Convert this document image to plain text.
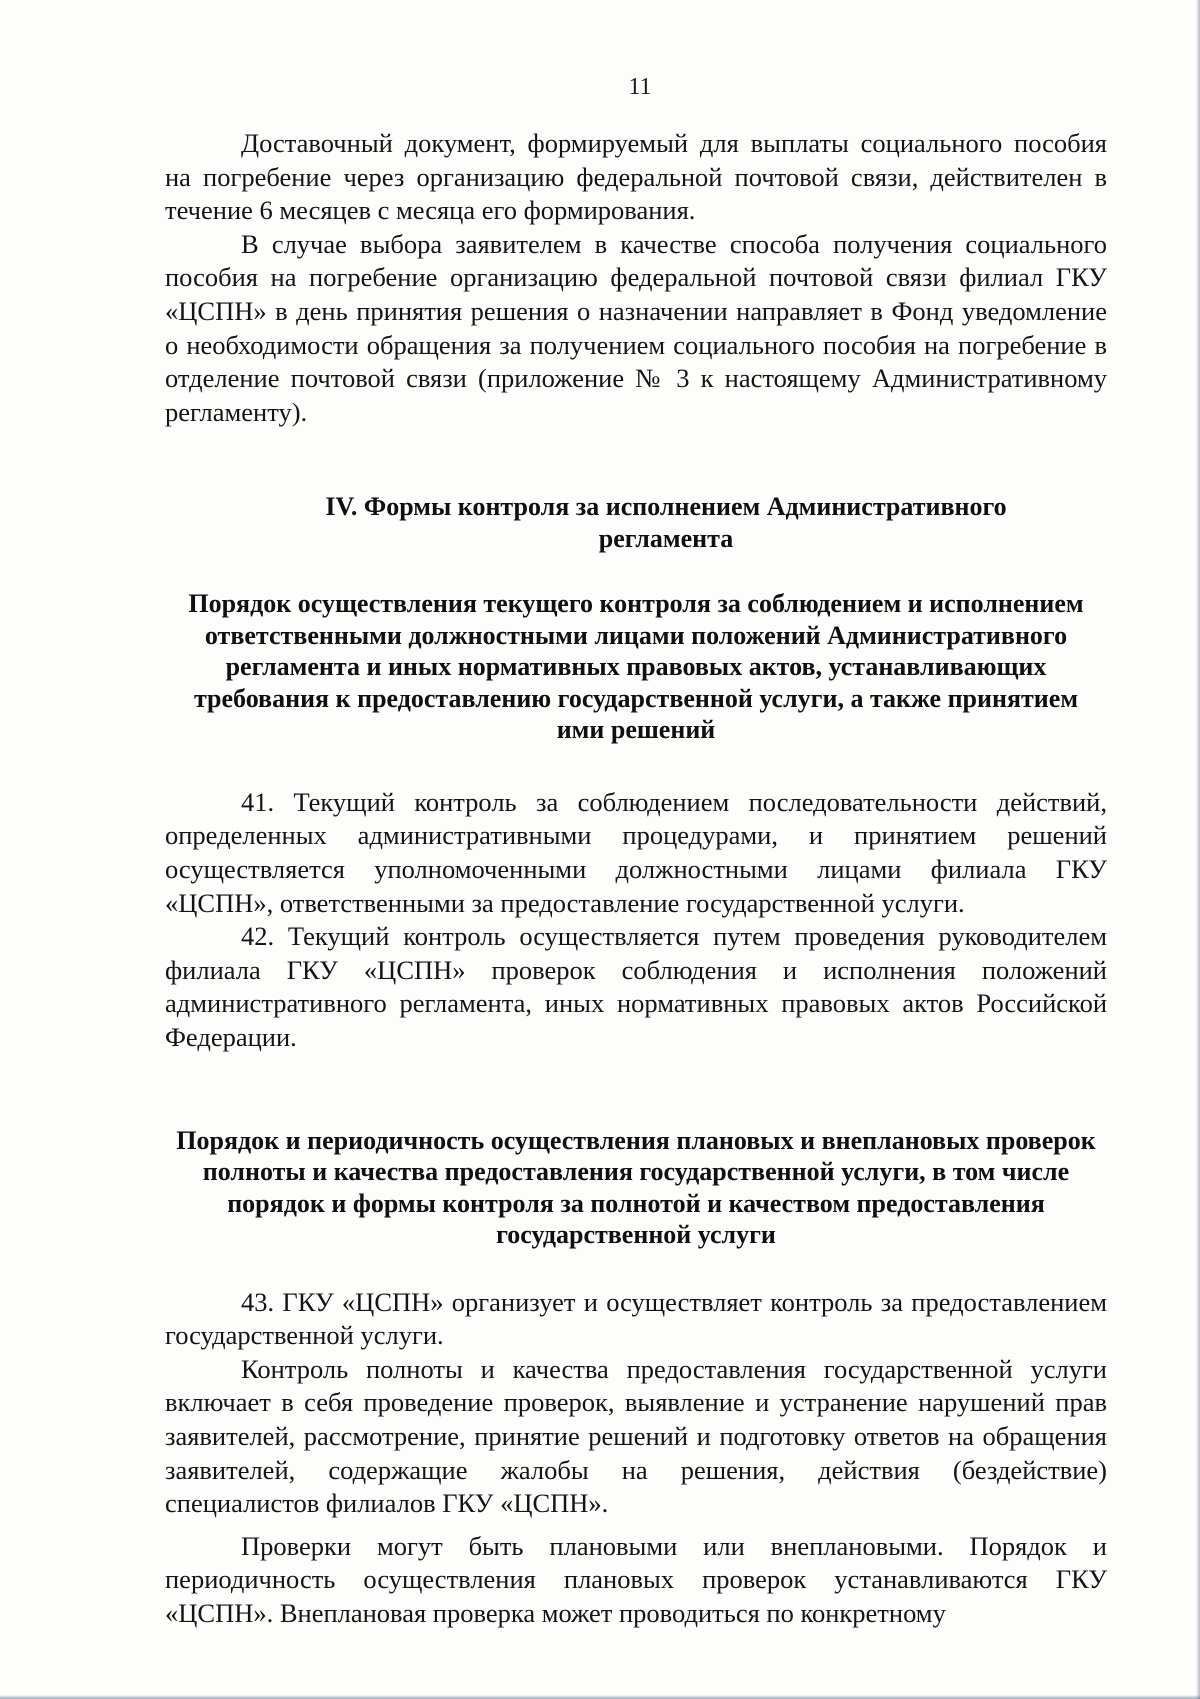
11

Доставочный документ, формируемый для выплаты социального пособия на погребение через организацию федеральной почтовой связи, действителен в течение 6 месяцев с месяца его формирования.

В случае выбора заявителем в качестве способа получения социального пособия на погребение организацию федеральной почтовой связи филиал ГКУ «ЦСПН» в день принятия решения о назначении направляет в Фонд уведомление о необходимости обращения за получением социального пособия на погребение в отделение почтовой связи (приложение № 3 к настоящему Административному регламенту).

IV. Формы контроля за исполнением Административного регламента

Порядок осуществления текущего контроля за соблюдением и исполнением ответственными должностными лицами положений Административного регламента и иных нормативных правовых актов, устанавливающих требования к предоставлению государственной услуги, а также принятием ими решений

41. Текущий контроль за соблюдением последовательности действий, определенных административными процедурами, и принятием решений осуществляется уполномоченными должностными лицами филиала ГКУ «ЦСПН», ответственными за предоставление государственной услуги.

42. Текущий контроль осуществляется путем проведения руководителем филиала ГКУ «ЦСПН» проверок соблюдения и исполнения положений административного регламента, иных нормативных правовых актов Российской Федерации.

Порядок и периодичность осуществления плановых и внеплановых проверок полноты и качества предоставления государственной услуги, в том числе порядок и формы контроля за полнотой и качеством предоставления государственной услуги

43. ГКУ «ЦСПН» организует и осуществляет контроль за предоставлением государственной услуги.

Контроль полноты и качества предоставления государственной услуги включает в себя проведение проверок, выявление и устранение нарушений прав заявителей, рассмотрение, принятие решений и подготовку ответов на обращения заявителей, содержащие жалобы на решения, действия (бездействие) специалистов филиалов ГКУ «ЦСПН».

Проверки могут быть плановыми или внеплановыми. Порядок и периодичность осуществления плановых проверок устанавливаются ГКУ «ЦСПН». Внеплановая проверка может проводиться по конкретному
